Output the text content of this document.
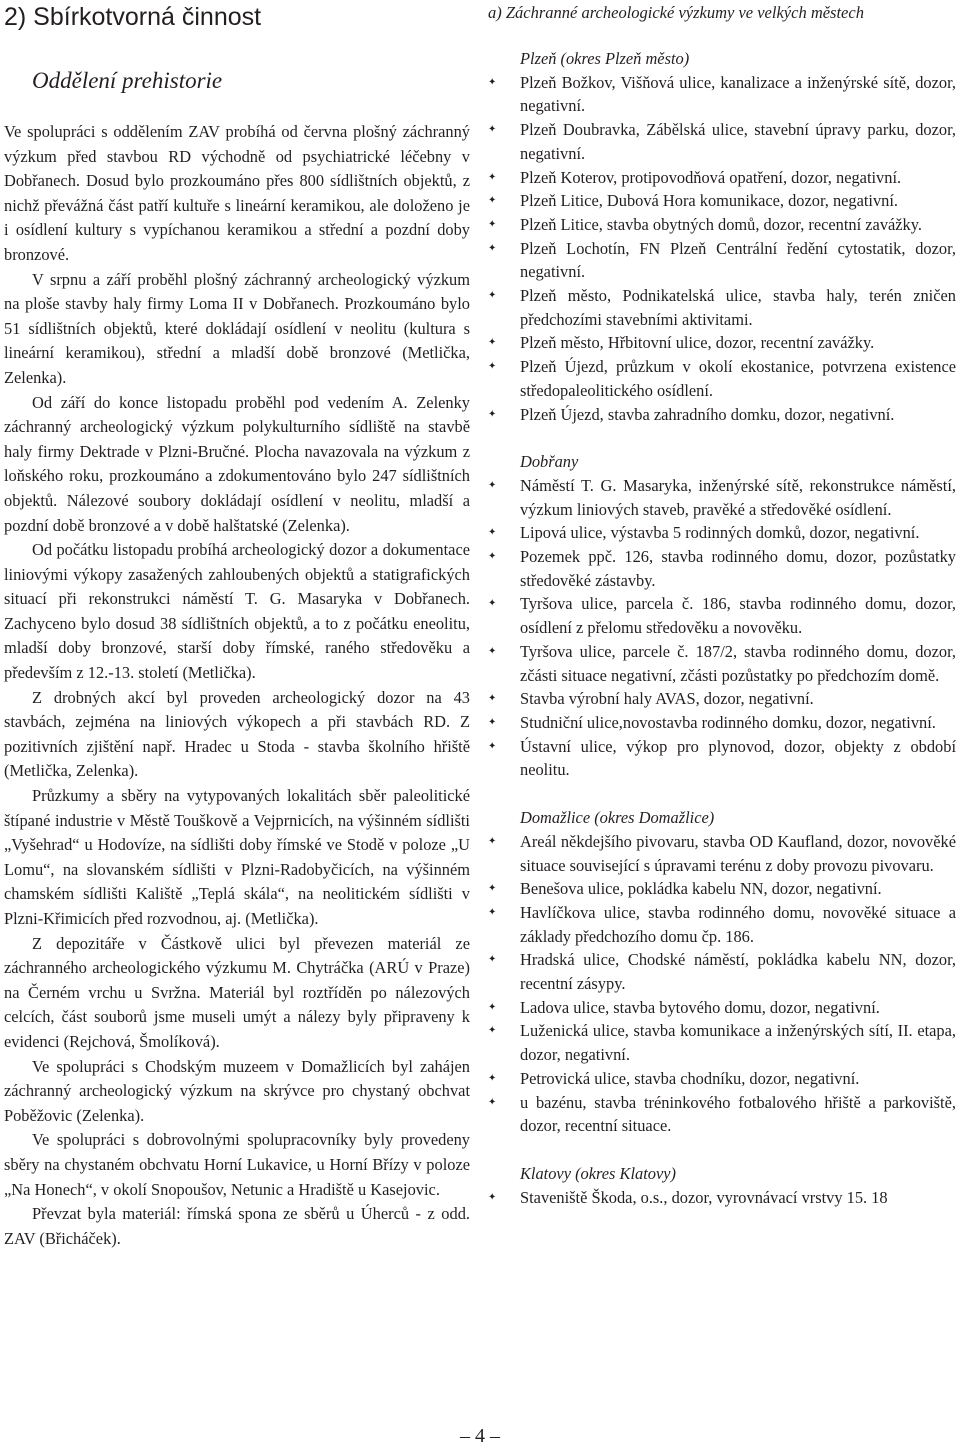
2) Sbírkotvorná činnost
Oddělení prehistorie

Ve spolupráci s oddělením ZAV probíhá od června plošný záchranný výzkum před stavbou RD východně od psychiatrické léčebny v Dobřanech. Dosud bylo prozkoumáno přes 800 sídlištních objektů, z nichž převážná část patří kultuře s lineární keramikou, ale doloženo je i osídlení kultury s vypíchanou keramikou a střední a pozdní doby bronzové.

V srpnu a září proběhl plošný záchranný archeologický výzkum na ploše stavby haly firmy Loma II v Dobřanech. Prozkoumáno bylo 51 sídlištních objektů, které dokládají osídlení v neolitu (kultura s lineární keramikou), střední a mladší době bronzové (Metlička, Zelenka).

Od září do konce listopadu proběhl pod vedením A. Zelenky záchranný archeologický výzkum polykulturního sídliště na stavbě haly firmy Dektrade v Plzni-Bručné. Plocha navazovala na výzkum z loňského roku, prozkoumáno a zdokumentováno bylo 247 sídlištních objektů. Nálezové soubory dokládají osídlení v neolitu, mladší a pozdní době bronzové a v době halštatské (Zelenka).

Od počátku listopadu probíhá archeologický dozor a dokumentace liniovými výkopy zasažených zahloubených objektů a statigrafických situací při rekonstrukci náměstí T. G. Masaryka v Dobřanech. Zachyceno bylo dosud 38 sídlištních objektů, a to z počátku eneolitu, mladší doby bronzové, starší doby římské, raného středověku a především z 12.-13. století (Metlička).

Z drobných akcí byl proveden archeologický dozor na 43 stavbách, zejména na liniových výkopech a při stavbách RD. Z pozitivních zjištění např. Hradec u Stoda - stavba školního hřiště (Metlička, Zelenka).

Průzkumy a sběry na vytypovaných lokalitách sběr paleolitické štípané industrie v Městě Touškově a Vejprnicích, na výšinném sídlišti „Vyšehrad“ u Hodovíze, na sídlišti doby římské ve Stodě v poloze „U Lomu“, na slovanském sídlišti v Plzni-Radobyčicích, na výšinném chamském sídlišti Kaliště „Teplá skála“, na neolitickém sídlišti v Plzni-Křimicích před rozvodnou, aj. (Metlička).

Z depozitáře v Částkově ulici byl převezen materiál ze záchranného archeologického výzkumu M. Chytráčka (ARÚ v Praze) na Černém vrchu u Svržna. Materiál byl roztříděn po nálezových celcích, část souborů jsme museli umýt a nálezy byly připraveny k evidenci (Rejchová, Šmolíková).

Ve spolupráci s Chodským muzeem v Domažlicích byl zahájen záchranný archeologický výzkum na skrývce pro chystaný obchvat Poběžovic (Zelenka).

Ve spolupráci s dobrovolnými spolupracovníky byly provedeny sběry na chystaném obchvatu Horní Lukavice, u Horní Břízy v poloze „Na Honech“, v okolí Snopoušov, Netunic a Hradiště u Kasejovic.

Převzat byla materiál: římská spona ze sběrů u Úherců - z odd. ZAV (Břicháček).

a) Záchranné archeologické výzkumy ve velkých městech
Plzeň (okres Plzeň město)
✦ Plzeň Božkov, Višňová ulice, kanalizace a inženýrské sítě, dozor, negativní.
✦ Plzeň Doubravka, Zábělská ulice, stavební úpravy parku, dozor, negativní.
✦ Plzeň Koterov, protipovodňová opatření, dozor, negativní.
✦ Plzeň Litice, Dubová Hora komunikace, dozor, negativní.
✦ Plzeň Litice, stavba obytných domů, dozor, recentní zavážky.
✦ Plzeň Lochotín, FN Plzeň Centrální ředění cytostatik, dozor, negativní.
✦ Plzeň město, Podnikatelská ulice, stavba haly, terén zničen předchozími stavebními aktivitami.
✦ Plzeň město, Hřbitovní ulice, dozor, recentní zavážky.
✦ Plzeň Újezd, průzkum v okolí ekostanice, potvrzena existence středopaleolitického osídlení.
✦ Plzeň Újezd, stavba zahradního domku, dozor, negativní.
Dobřany
✦ Náměstí T. G. Masaryka, inženýrské sítě, rekonstrukce náměstí, výzkum liniových staveb, pravěké a středověké osídlení.
✦ Lipová ulice, výstavba 5 rodinných domků, dozor, negativní.
✦ Pozemek ppč. 126, stavba rodinného domu, dozor, pozůstatky středověké zástavby.
✦ Tyršova ulice, parcela č. 186, stavba rodinného domu, dozor, osídlení z přelomu středověku a novověku.
✦ Tyršova ulice, parcele č. 187/2, stavba rodinného domu, dozor, zčásti situace negativní, zčásti pozůstatky po předchozím domě.
✦ Stavba výrobní haly AVAS, dozor, negativní.
✦ Studniční ulice,novostavba rodinného domku, dozor, negativní.
✦ Ústavní ulice, výkop pro plynovod, dozor, objekty z období neolitu.
Domažlice (okres Domažlice)
✦ Areál někdejšího pivovaru, stavba OD Kaufland, dozor, novověké situace související s úpravami terénu z doby provozu pivovaru.
✦ Benešova ulice, pokládka kabelu NN, dozor, negativní.
✦ Havlíčkova ulice, stavba rodinného domu, novověké situace a základy předchozího domu čp. 186.
✦ Hradská ulice, Chodské náměstí, pokládka kabelu NN, dozor, recentní zásypy.
✦ Ladova ulice, stavba bytového domu, dozor, negativní.
✦ Luženická ulice, stavba komunikace a inženýrských sítí, II. etapa, dozor, negativní.
✦ Petrovická ulice, stavba chodníku, dozor, negativní.
✦ u bazénu, stavba tréninkového fotbalového hřiště a parkoviště, dozor, recentní situace.
Klatovy (okres Klatovy)
✦ Staveniště Škoda, o.s., dozor, vyrovnávací vrstvy 15. 18
– 4 –
